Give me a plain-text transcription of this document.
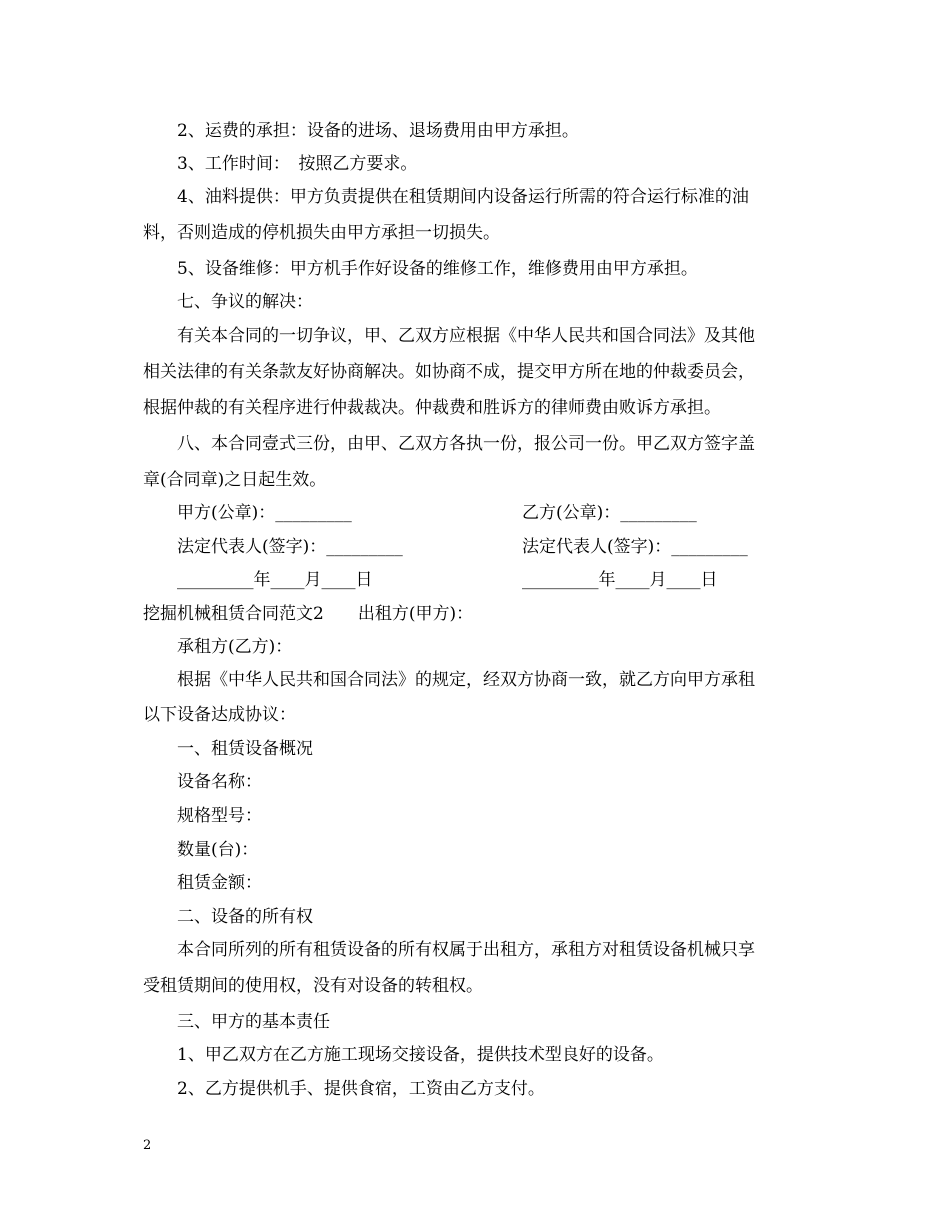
2、运费的承担：设备的进场、退场费用由甲方承担。

3、工作时间：　按照乙方要求。

4、油料提供：甲方负责提供在租赁期间内设备运行所需的符合运行标准的油

料，否则造成的停机损失由甲方承担一切损失。

5、设备维修：甲方机手作好设备的维修工作，维修费用由甲方承担。

七、争议的解决：

有关本合同的一切争议，甲、乙双方应根据《中华人民共和国合同法》及其他

相关法律的有关条款友好协商解决。如协商不成，提交甲方所在地的仲裁委员会，

根据仲裁的有关程序进行仲裁裁决。仲裁费和胜诉方的律师费由败诉方承担。

八、本合同壹式三份，由甲、乙双方各执一份，报公司一份。甲乙双方签字盖

章(合同章)之日起生效。

甲方(公章)：_________	乙方(公章)：_________

法定代表人(签字)：_________	法定代表人(签字)：_________

_________年____月____日	_________年____月____日

挖掘机械租赁合同范文2　　出租方(甲方)：

承租方(乙方)：

根据《中华人民共和国合同法》的规定，经双方协商一致，就乙方向甲方承租

以下设备达成协议：

一、租赁设备概况

设备名称：

规格型号：

数量(台)：

租赁金额：

二、设备的所有权

本合同所列的所有租赁设备的所有权属于出租方，承租方对租赁设备机械只享

受租赁期间的使用权，没有对设备的转租权。

三、甲方的基本责任

1、甲乙双方在乙方施工现场交接设备，提供技术型良好的设备。

2、乙方提供机手、提供食宿，工资由乙方支付。

2
